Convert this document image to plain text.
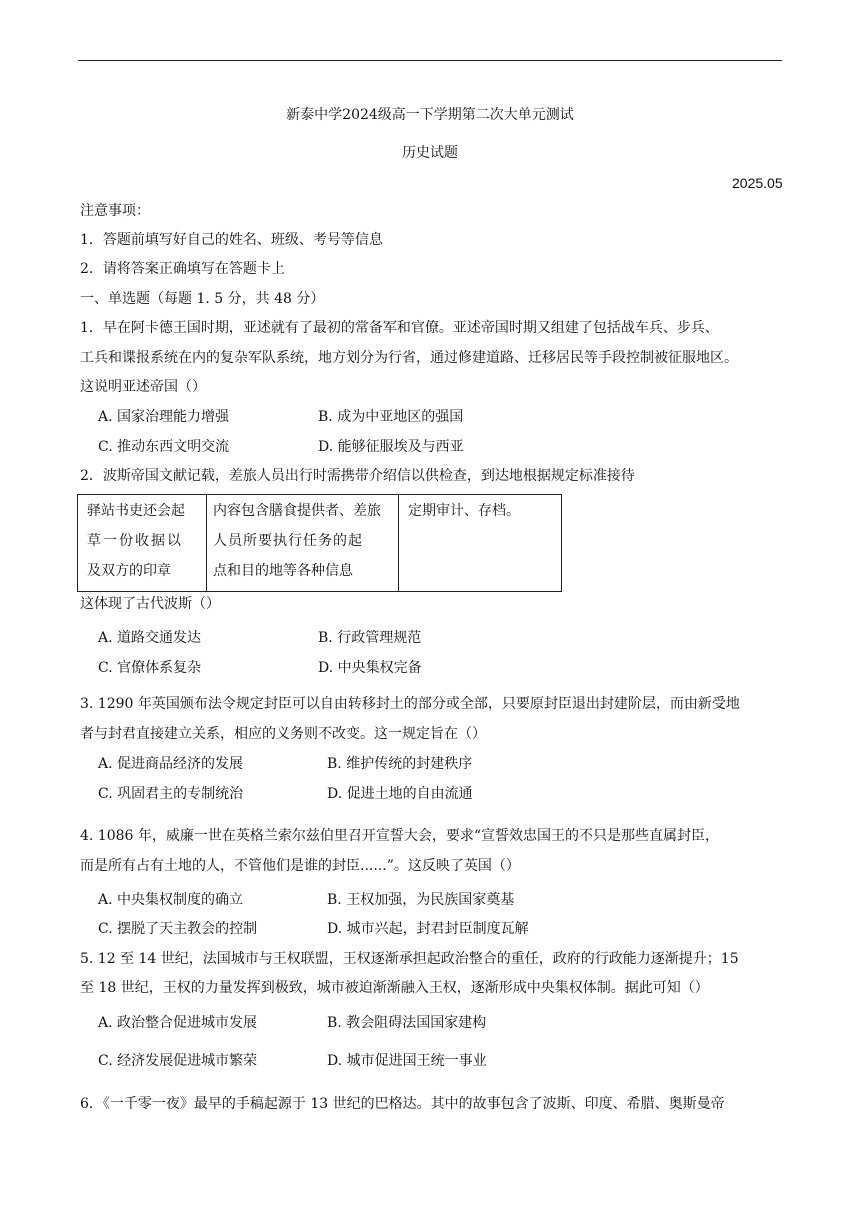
新泰中学2024级高一下学期第二次大单元测试
历史试题
2025.05
注意事项：
1．答题前填写好自己的姓名、班级、考号等信息
2．请将答案正确填写在答题卡上
一、单选题（每题 1. 5 分，共 48 分）
1．早在阿卡德王国时期，亚述就有了最初的常备军和官僚。亚述帝国时期又组建了包括战车兵、步兵、
工兵和谍报系统在内的复杂军队系统，地方划分为行省，通过修建道路、迁移居民等手段控制被征服地区。
这说明亚述帝国（）
A. 国家治理能力增强	B. 成为中亚地区的强国
C. 推动东西文明交流	D. 能够征服埃及与西亚
2．波斯帝国文献记载，差旅人员出行时需携带介绍信以供检查，到达地根据规定标准接待
驿站书吏还会起
草一份收据以
及双方的印章

内容包含膳食提供者、差旅
人员所要执行任务的起
点和目的地等各种信息

定期审计、存档。
这体现了古代波斯（）
A. 道路交通发达	B. 行政管理规范
C. 官僚体系复杂	D. 中央集权完备
3. 1290 年英国颁布法令规定封臣可以自由转移封土的部分或全部，只要原封臣退出封建阶层，而由新受地
者与封君直接建立关系，相应的义务则不改变。这一规定旨在（）
A. 促进商品经济的发展	B. 维护传统的封建秩序
C. 巩固君主的专制统治	D. 促进土地的自由流通
4. 1086 年，威廉一世在英格兰索尔兹伯里召开宣誓大会，要求“宣誓效忠国王的不只是那些直属封臣，
而是所有占有土地的人，不管他们是谁的封臣......”。这反映了英国（）
A. 中央集权制度的确立	B. 王权加强，为民族国家奠基
C. 摆脱了天主教会的控制	D. 城市兴起，封君封臣制度瓦解
5. 12 至 14 世纪，法国城市与王权联盟，王权逐渐承担起政治整合的重任，政府的行政能力逐渐提升；15
至 18 世纪，王权的力量发挥到极致，城市被迫渐渐融入王权，逐渐形成中央集权体制。据此可知（）
A. 政治整合促进城市发展	B. 教会阻碍法国国家建构
C. 经济发展促进城市繁荣	D. 城市促进国王统一事业
6．《一千零一夜》最早的手稿起源于 13 世纪的巴格达。其中的故事包含了波斯、印度、希腊、奥斯曼帝
